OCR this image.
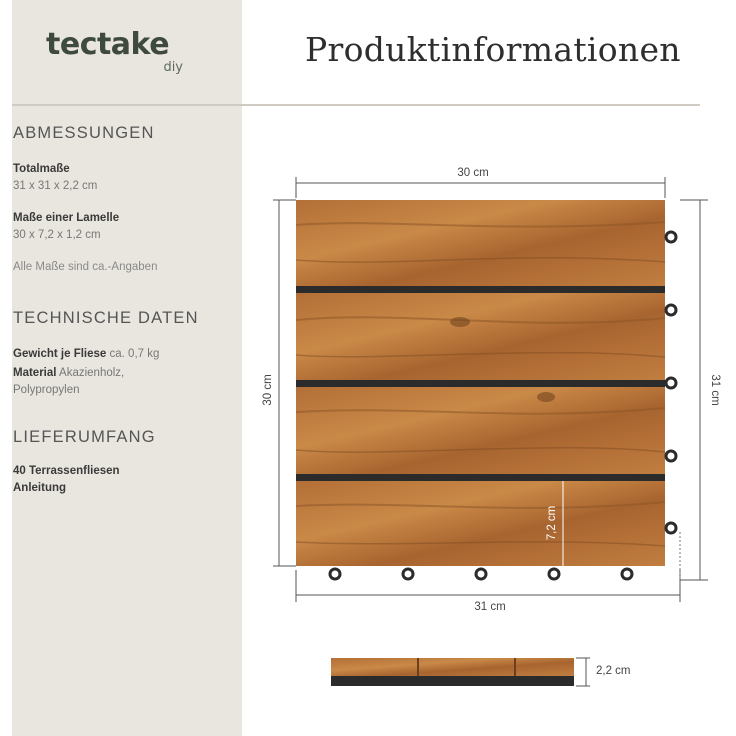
tectake
diy	Produktinformationen
ABMESSUNGEN
Totalmaße
31 x 31 x 2,2 cm
Maße einer Lamelle
30 x 7,2 x 1,2 cm
Alle Maße sind ca.-Angaben
TECHNISCHE DATEN
Gewicht je Fliese ca. 0,7 kg
Material Akazienholz,
Polypropylen
LIEFERUMFANG
40 Terrassenfliesen
Anleitung
30 cm
30 cm	31 cm
31 cm
7,2 cm
2,2 cm
